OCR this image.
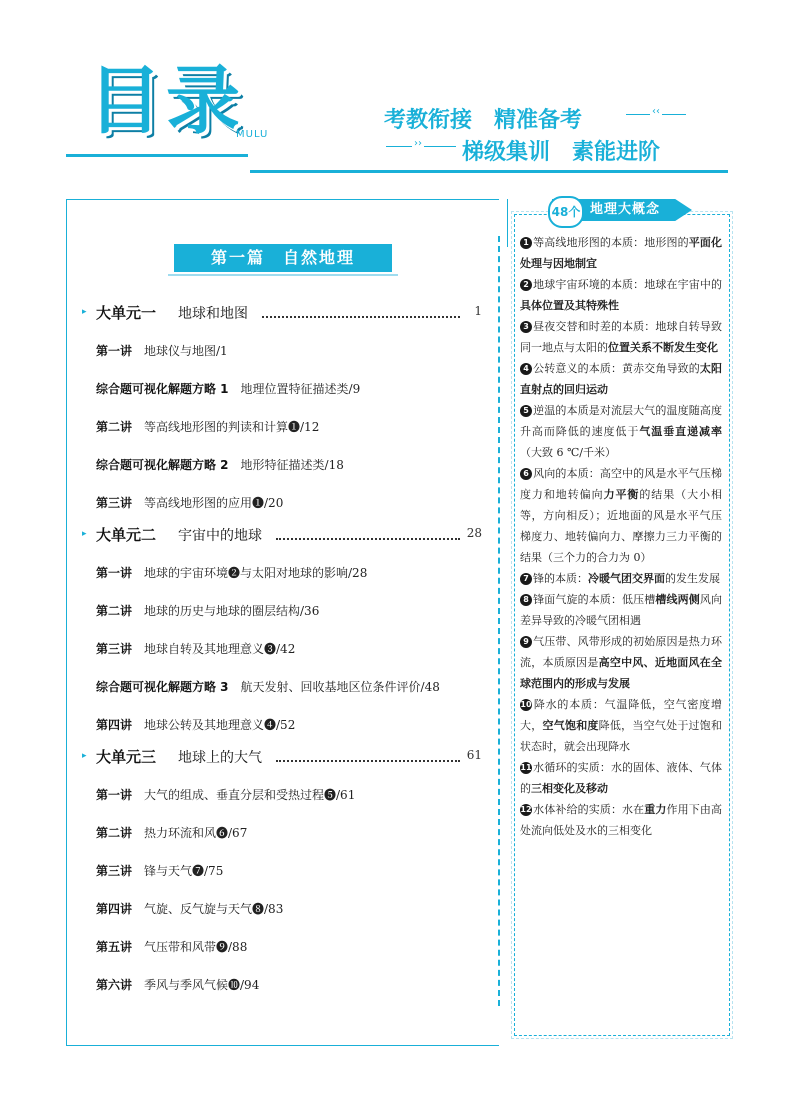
目录
MULU
考教衔接　精准备考
梯级集训　素能进阶
第一篇　自然地理
▸ 大单元一 地球和地图	1
第一讲 地球仪与地图/1
综合题可视化解题方略 1 地理位置特征描述类/9
第二讲 等高线地形图的判读和计算❶/12
综合题可视化解题方略 2 地形特征描述类/18
第三讲 等高线地形图的应用❶/20
▸ 大单元二 宇宙中的地球	28
第一讲 地球的宇宙环境❷与太阳对地球的影响/28
第二讲 地球的历史与地球的圈层结构/36
第三讲 地球自转及其地理意义❸/42
综合题可视化解题方略 3 航天发射、回收基地区位条件评价/48
第四讲 地球公转及其地理意义❹/52
▸ 大单元三 地球上的大气	61
第一讲 大气的组成、垂直分层和受热过程❺/61
第二讲 热力环流和风❻/67
第三讲 锋与天气❼/75
第四讲 气旋、反气旋与天气❽/83
第五讲 气压带和风带❾/88
第六讲 季风与季风气候❿/94
48个 地理大概念
1 等高线地形图的本质：地形图的平面化处理与因地制宜
2 地球宇宙环境的本质：地球在宇宙中的具体位置及其特殊性
3 昼夜交替和时差的本质：地球自转导致同一地点与太阳的位置关系不断发生变化
4 公转意义的本质：黄赤交角导致的太阳直射点的回归运动
5 逆温的本质是对流层大气的温度随高度升高而降低的速度低于气温垂直递减率（大致 6 ℃/千米）
6 风向的本质：高空中的风是水平气压梯度力和地转偏向力平衡的结果（大小相等，方向相反）；近地面的风是水平气压梯度力、地转偏向力、摩擦力三力平衡的结果（三个力的合力为 0）
7 锋的本质：冷暖气团交界面的发生发展
8 锋面气旋的本质：低压槽槽线两侧风向差异导致的冷暖气团相遇
9 气压带、风带形成的初始原因是热力环流，本质原因是高空中风、近地面风在全球范围内的形成与发展
10降水的本质：气温降低，空气密度增大，空气饱和度降低，当空气处于过饱和状态时，就会出现降水
11水循环的实质：水的固体、液体、气体的三相变化及移动
12水体补给的实质：水在重力作用下由高处流向低处及水的三相变化
‹‹
››
